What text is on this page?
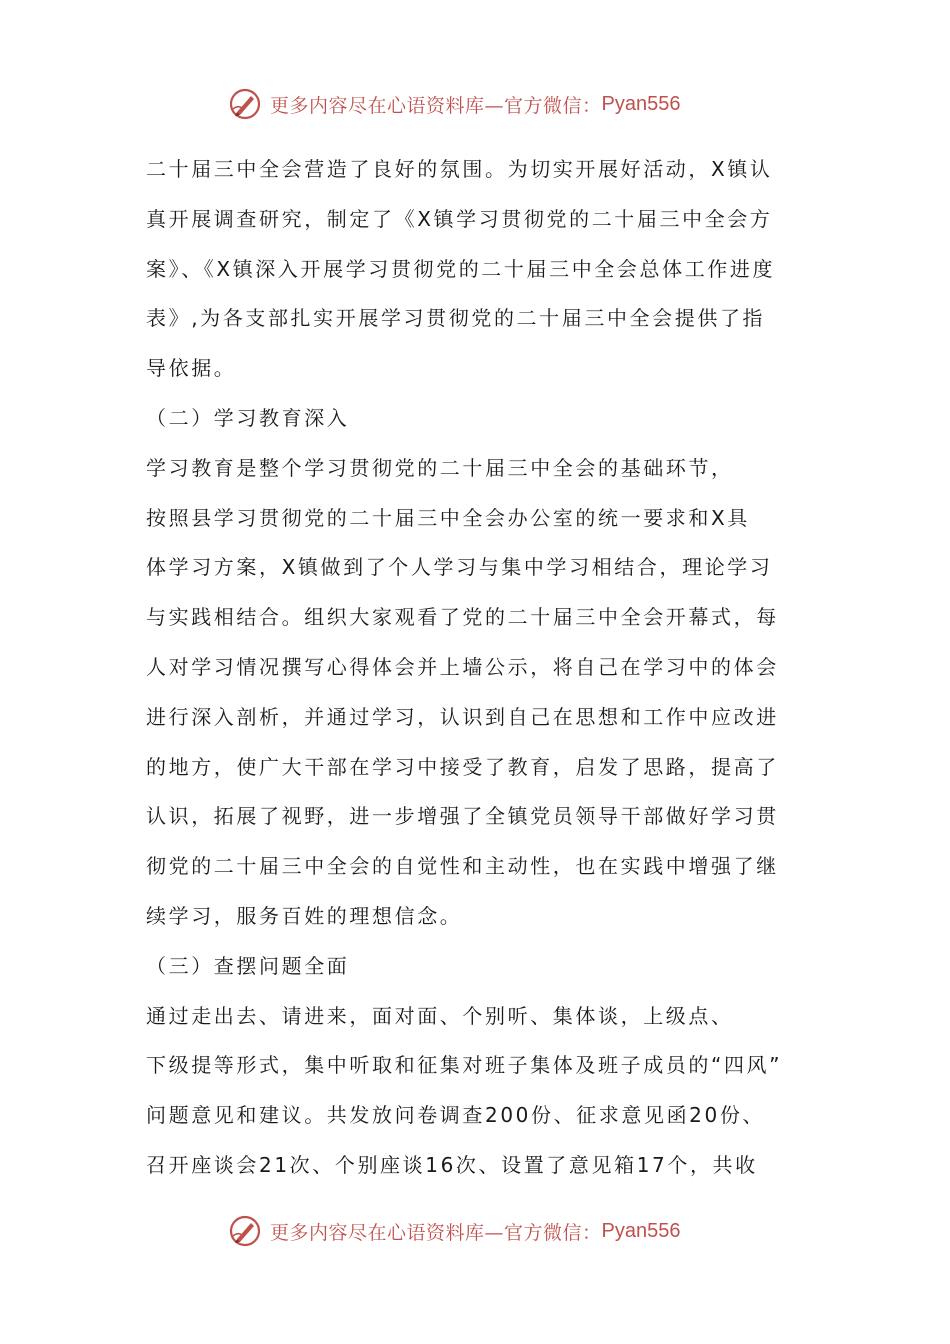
更多内容尽在心语资料库—官方微信： Pyan556
二十届三中全会营造了良好的氛围。为切实开展好活动，X镇认
真开展调查研究，制定了《X镇学习贯彻党的二十届三中全会方
案》、《X镇深入开展学习贯彻党的二十届三中全会总体工作进度
表》,为各支部扎实开展学习贯彻党的二十届三中全会提供了指
导依据。
（二）学习教育深入
学习教育是整个学习贯彻党的二十届三中全会的基础环节，
按照县学习贯彻党的二十届三中全会办公室的统一要求和X具
体学习方案，X镇做到了个人学习与集中学习相结合，理论学习
与实践相结合。组织大家观看了党的二十届三中全会开幕式，每
人对学习情况撰写心得体会并上墙公示，将自己在学习中的体会
进行深入剖析，并通过学习，认识到自己在思想和工作中应改进
的地方，使广大干部在学习中接受了教育，启发了思路，提高了
认识，拓展了视野，进一步增强了全镇党员领导干部做好学习贯
彻党的二十届三中全会的自觉性和主动性，也在实践中增强了继
续学习，服务百姓的理想信念。
（三）查摆问题全面
通过走出去、请进来，面对面、个别听、集体谈，上级点、
下级提等形式，集中听取和征集对班子集体及班子成员的“四风”
问题意见和建议。共发放问卷调查200份、征求意见函20份、
召开座谈会21次、个别座谈16次、设置了意见箱17个，共收
更多内容尽在心语资料库—官方微信： Pyan556
